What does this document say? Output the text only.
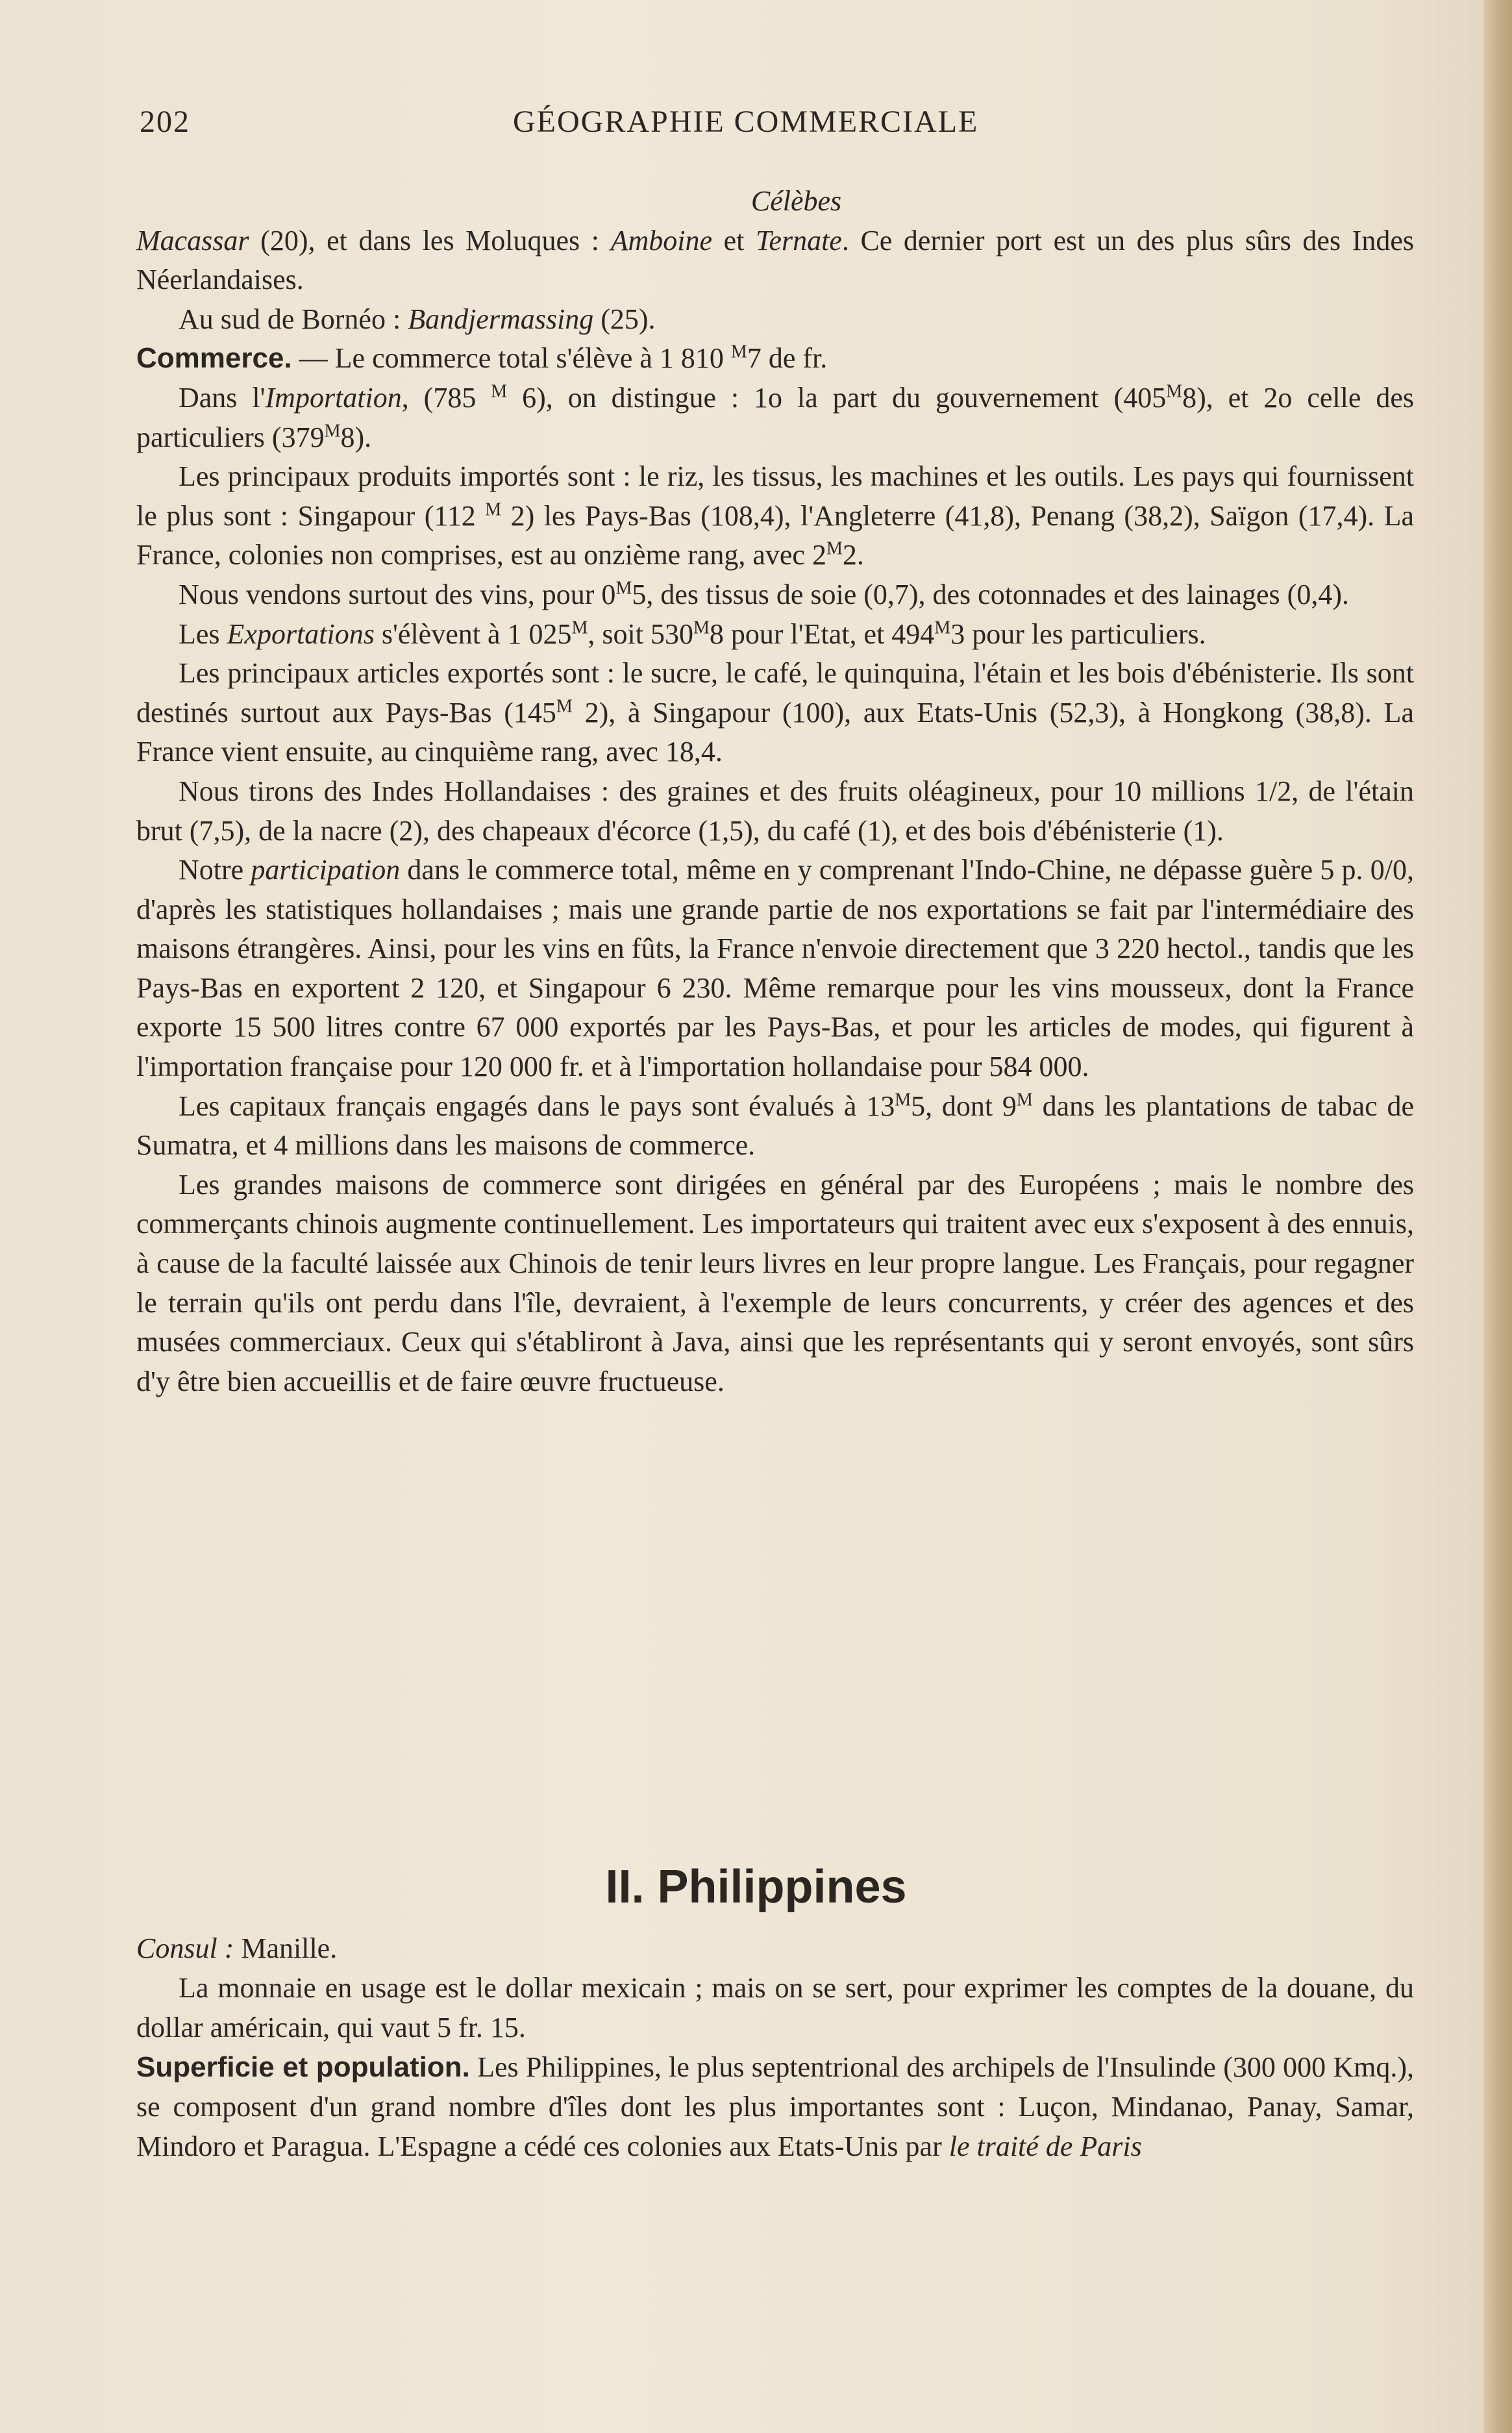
202	GÉOGRAPHIE COMMERCIALE

Célèbes

Macassar (20), et dans les Moluques : Amboine et Ternate. Ce dernier port est un des plus sûrs des Indes Néerlandaises.

Au sud de Bornéo : Bandjermassing (25).

Commerce. — Le commerce total s'élève à 1 810 $^M$7 de fr.

Dans l'Importation, (785 $^M$ 6), on distingue : 1o la part du gouvernement $(405^M8)$, et 2o celle des particuliers $(379^M8)$.

Les principaux produits importés sont : le riz, les tissus, les machines et les outils. Les pays qui fournissent le plus sont : Singapour (112 $^M$ 2) les Pays-Bas (108,4), l'Angleterre (41,8), Penang (38,2), Saïgon (17,4). La France, colonies non comprises, est au onzième rang, avec $2^M2$.

Nous vendons surtout des vins, pour $0^M5$, des tissus de soie (0,7), des cotonnades et des lainages (0,4).

Les Exportations s'élèvent à 1 $025^M$, soit $530^M8$ pour l'Etat, et $494^M3$ pour les particuliers.

Les principaux articles exportés sont : le sucre, le café, le quinquina, l'étain et les bois d'ébénisterie. Ils sont destinés surtout aux Pays-Bas ($145^M$ 2), à Singapour (100), aux Etats-Unis (52,3), à Hongkong (38,8). La France vient ensuite, au cinquième rang, avec 18,4.

Nous tirons des Indes Hollandaises : des graines et des fruits oléagineux, pour 10 millions 1/2, de l'étain brut (7,5), de la nacre (2), des chapeaux d'écorce (1,5), du café (1), et des bois d'ébénisterie (1).

Notre participation dans le commerce total, même en y comprenant l'Indo-Chine, ne dépasse guère 5 p. 0/0, d'après les statistiques hollandaises ; mais une grande partie de nos exportations se fait par l'intermédiaire des maisons étrangères. Ainsi, pour les vins en fûts, la France n'envoie directement que 3 220 hectol., tandis que les Pays-Bas en exportent 2 120, et Singapour 6 230. Même remarque pour les vins mousseux, dont la France exporte 15 500 litres contre 67 000 exportés par les Pays-Bas, et pour les articles de modes, qui figurent à l'importation française pour 120 000 fr. et à l'importation hollandaise pour 584 000.

Les capitaux français engagés dans le pays sont évalués à $13^M5$, dont $9^M$ dans les plantations de tabac de Sumatra, et 4 millions dans les maisons de commerce.

Les grandes maisons de commerce sont dirigées en général par des Européens ; mais le nombre des commerçants chinois augmente continuellement. Les importateurs qui traitent avec eux s'exposent à des ennuis, à cause de la faculté laissée aux Chinois de tenir leurs livres en leur propre langue. Les Français, pour regagner le terrain qu'ils ont perdu dans l'île, devraient, à l'exemple de leurs concurrents, y créer des agences et des musées commerciaux. Ceux qui s'établiront à Java, ainsi que les représentants qui y seront envoyés, sont sûrs d'y être bien accueillis et de faire œuvre fructueuse.

II. Philippines

Consul : Manille.

La monnaie en usage est le dollar mexicain ; mais on se sert, pour exprimer les comptes de la douane, du dollar américain, qui vaut 5 fr. 15.

Superficie et population. Les Philippines, le plus septentrional des archipels de l'Insulinde (300 000 Kmq.), se composent d'un grand nombre d'îles dont les plus importantes sont : Luçon, Mindanao, Panay, Samar, Mindoro et Paragua. L'Espagne a cédé ces colonies aux Etats-Unis par le traité de Paris
